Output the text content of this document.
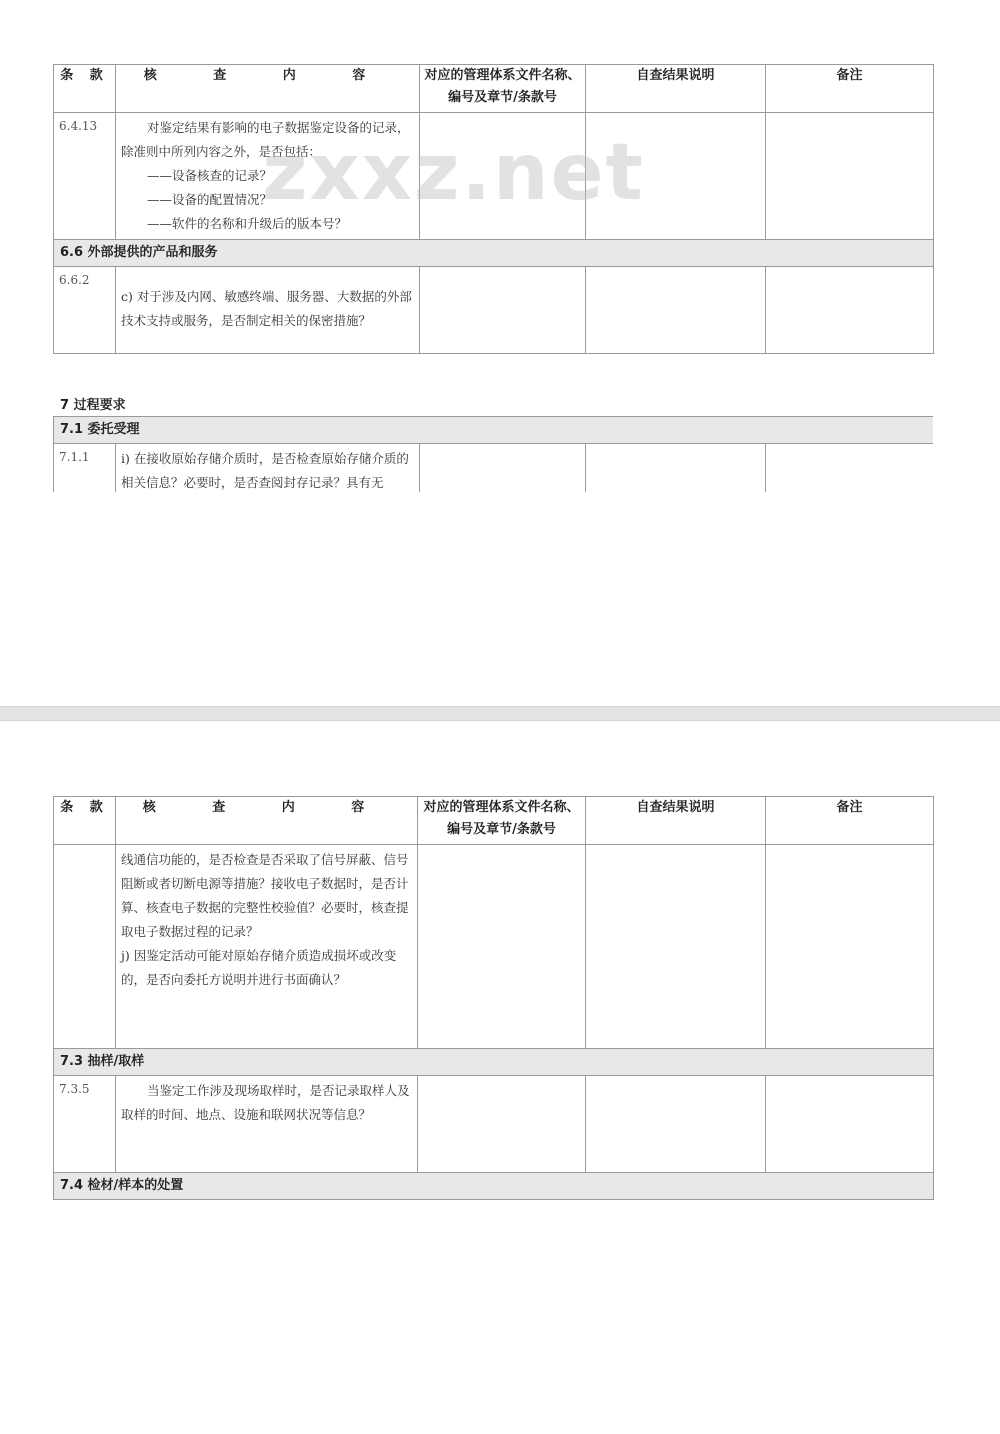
条 款	核 查 内 容	对应的管理体系文件名称、
编号及章节/条款号	自查结果说明	备注
6.4.13	对鉴定结果有影响的电子数据鉴定设备的记录，除准则中所列内容之外，是否包括：

——设备核查的记录？

——设备的配置情况？

——软件的名称和升级后的版本号？			

6.6 外部提供的产品和服务				
6.6.2	c) 对于涉及内网、敏感终端、服务器、大数据的外部技术支持或服务，是否制定相关的保密措施？			

zxxz.net
7 过程要求
7.1 委托受理
7.1.1	i) 在接收原始存储介质时，是否检查原始存储介质的相关信息？必要时，是否查阅封存记录？具有无

条 款	核 查 内 容	对应的管理体系文件名称、
编号及章节/条款号	自查结果说明	备注

	线通信功能的，是否检查是否采取了信号屏蔽、信号阻断或者切断电源等措施？接收电子数据时，是否计算、核查电子数据的完整性校验值？必要时，核查提取电子数据过程的记录？

j) 因鉴定活动可能对原始存储介质造成损坏或改变的，是否向委托方说明并进行书面确认？			

7.3 抽样/取样				
7.3.5	当鉴定工作涉及现场取样时，是否记录取样人及取样的时间、地点、设施和联网状况等信息？			

7.4 检材/样本的处置				
